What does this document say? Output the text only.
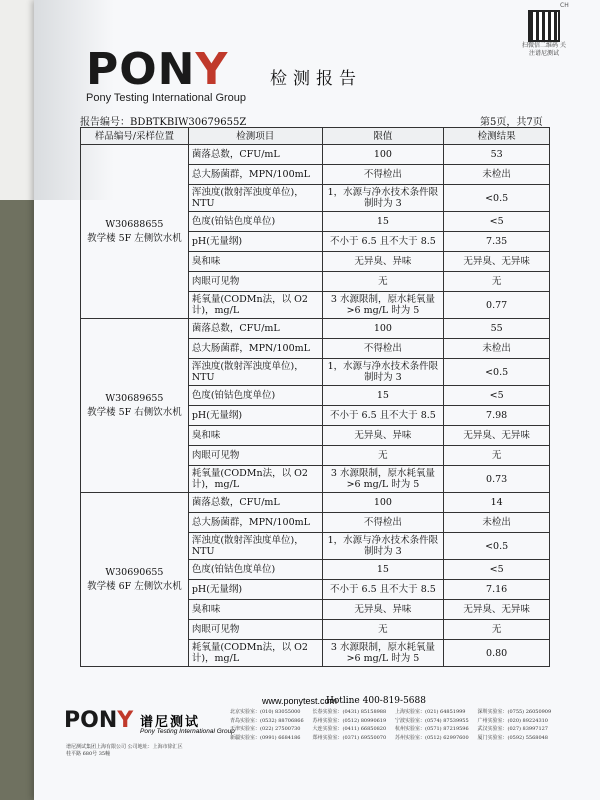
PONY
Pony Testing International Group
检测报告
CH
扫微信二维码 关注谱尼测试
报告编号：BDBTKBIW30679655Z	第5页，共7页
样品编号/采样位置	检测项目	限值	检测结果

W30688655
教学楼 5F 左侧饮水机	菌落总数，CFU/mL	100	53
	总大肠菌群，MPN/100mL	不得检出	未检出
	浑浊度(散射浑浊度单位)，NTU	1，水源与净水技术条件限制时为 3	<0.5
	色度(铂钴色度单位)	15	<5
	pH(无量纲)	不小于 6.5 且不大于 8.5	7.35
	臭和味	无异臭、异味	无异臭、无异味
	肉眼可见物	无	无
	耗氧量(CODMn法，以 O2计)，mg/L	3 水源限制，原水耗氧量>6 mg/L 时为 5	0.77

W30689655
教学楼 5F 右侧饮水机	菌落总数，CFU/mL	100	55
	总大肠菌群，MPN/100mL	不得检出	未检出
	浑浊度(散射浑浊度单位)，NTU	1，水源与净水技术条件限制时为 3	<0.5
	色度(铂钴色度单位)	15	<5
	pH(无量纲)	不小于 6.5 且不大于 8.5	7.98
	臭和味	无异臭、异味	无异臭、无异味
	肉眼可见物	无	无
	耗氧量(CODMn法，以 O2计)，mg/L	3 水源限制，原水耗氧量>6 mg/L 时为 5	0.73

W30690655
教学楼 6F 左侧饮水机	菌落总数，CFU/mL	100	14
	总大肠菌群，MPN/100mL	不得检出	未检出
	浑浊度(散射浑浊度单位)，NTU	1，水源与净水技术条件限制时为 3	<0.5
	色度(铂钴色度单位)	15	<5
	pH(无量纲)	不小于 6.5 且不大于 8.5	7.16
	臭和味	无异臭、异味	无异臭、无异味
	肉眼可见物	无	无
	耗氧量(CODMn法，以 O2计)，mg/L	3 水源限制，原水耗氧量>6 mg/L 时为 5	0.80
www.ponytest.com
Hotline 400-819-5688
PONY 谱尼测试
Pony Testing International Group
谱尼测试集团上海有限公司 公司地址：上海市徐汇区桂平路 680号 35幢
北京实验室：(010) 83055000	长春实验室：(0431) 85158988	上海实验室：(021) 64851999	深圳实验室：(0755) 26050909
青岛实验室：(0532) 88706866	苏州实验室：(0512) 80990619	宁波实验室：(0574) 87539955	广州实验室：(020) 89224310
天津实验室：(022) 27500730	大连实验室：(0411) 66850820	杭州实验室：(0571) 87219596	武汉实验室：(027) 83997127
新疆实验室：(0991) 6684186	郑州实验室：(0371) 69550070	苏州实验室：(0512) 62997600	厦门实验室：(0592) 5568048
